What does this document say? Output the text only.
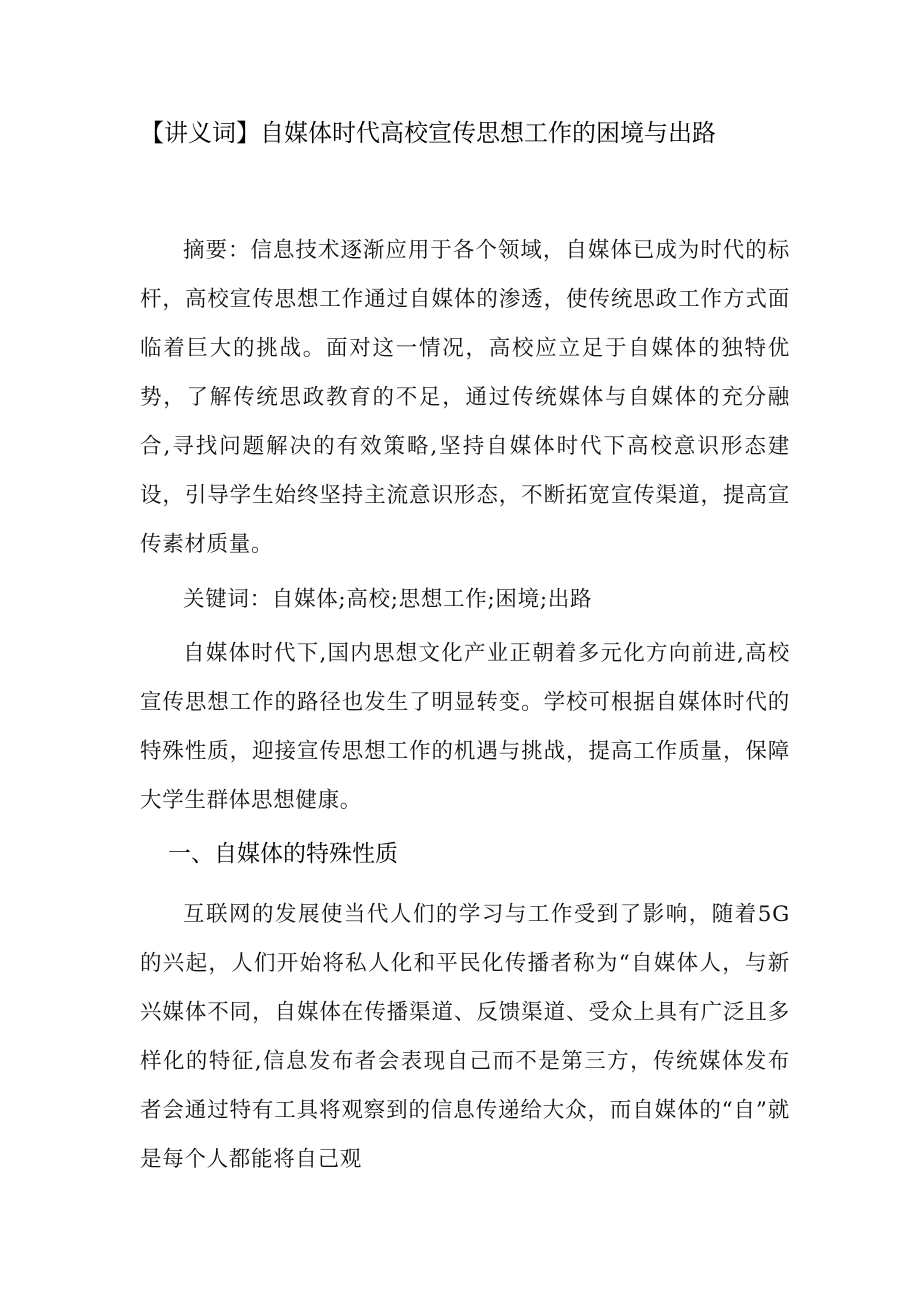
【讲义词】自媒体时代高校宣传思想工作的困境与出路
摘要：信息技术逐渐应用于各个领域，自媒体已成为时代的标杆，高校宣传思想工作通过自媒体的渗透，使传统思政工作方式面临着巨大的挑战。面对这一情况，高校应立足于自媒体的独特优势，了解传统思政教育的不足，通过传统媒体与自媒体的充分融合,寻找问题解决的有效策略,坚持自媒体时代下高校意识形态建设，引导学生始终坚持主流意识形态，不断拓宽宣传渠道，提高宣传素材质量。
关键词：自媒体;高校;思想工作;困境;出路
自媒体时代下,国内思想文化产业正朝着多元化方向前进,高校宣传思想工作的路径也发生了明显转变。学校可根据自媒体时代的特殊性质，迎接宣传思想工作的机遇与挑战，提高工作质量，保障大学生群体思想健康。
一、自媒体的特殊性质
互联网的发展使当代人们的学习与工作受到了影响，随着5G的兴起，人们开始将私人化和平民化传播者称为“自媒体人，与新兴媒体不同，自媒体在传播渠道、反馈渠道、受众上具有广泛且多样化的特征,信息发布者会表现自己而不是第三方，传统媒体发布者会通过特有工具将观察到的信息传递给大众，而自媒体的“自”就是每个人都能将自己观
